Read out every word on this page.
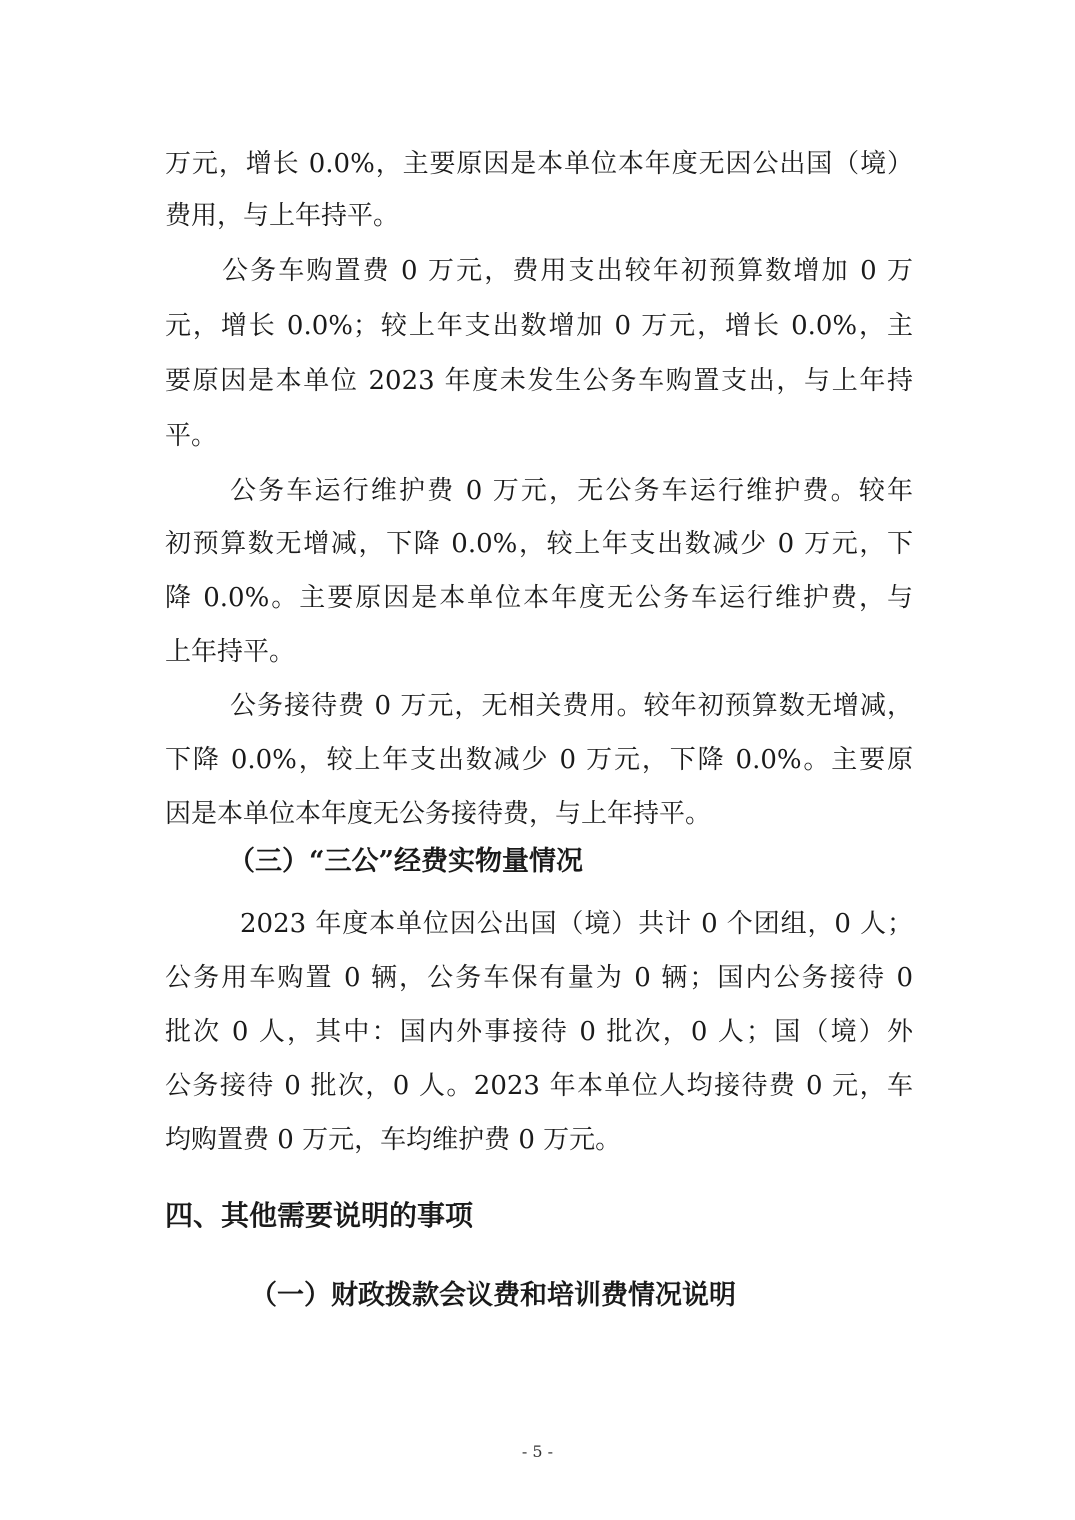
万元，增长 0.0%，主要原因是本单位本年度无因公出国（境）
费用，与上年持平。
公务车购置费 0 万元，费用支出较年初预算数增加 0 万
元，增长 0.0%；较上年支出数增加 0 万元，增长 0.0%，主
要原因是本单位 2023 年度未发生公务车购置支出，与上年持
平。
公务车运行维护费 0 万元，无公务车运行维护费。较年
初预算数无增减，下降 0.0%，较上年支出数减少 0 万元，下
降 0.0%。主要原因是本单位本年度无公务车运行维护费，与
上年持平。
公务接待费 0 万元，无相关费用。较年初预算数无增减，
下降 0.0%，较上年支出数减少 0 万元，下降 0.0%。主要原
因是本单位本年度无公务接待费，与上年持平。
（三）“三公”经费实物量情况
2023 年度本单位因公出国（境）共计 0 个团组，0 人；
公务用车购置 0 辆，公务车保有量为 0 辆；国内公务接待 0
批次 0 人，其中：国内外事接待 0 批次，0 人；国（境）外
公务接待 0 批次，0 人。2023 年本单位人均接待费 0 元，车
均购置费 0 万元，车均维护费 0 万元。
四、其他需要说明的事项
（一）财政拨款会议费和培训费情况说明
- 5 -
